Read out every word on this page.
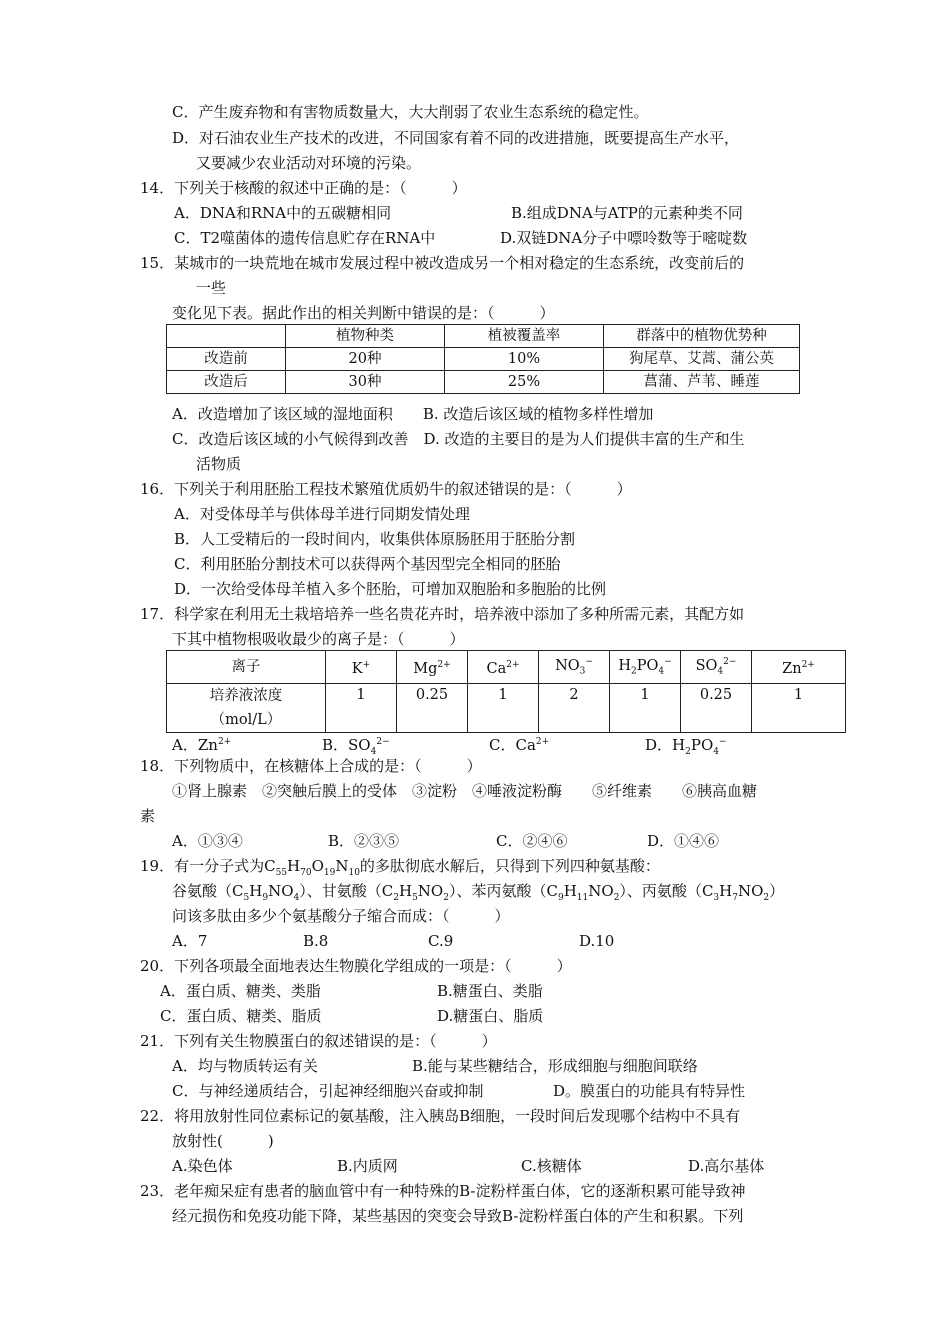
C．产生废弃物和有害物质数量大，大大削弱了农业生态系统的稳定性。
D．对石油农业生产技术的改进，不同国家有着不同的改进措施，既要提高生产水平，
又要减少农业活动对环境的污染。
14．下列关于核酸的叙述中正确的是：（　　　）
A．DNA和RNA中的五碳糖相同	B.组成DNA与ATP的元素种类不同
C．T2噬菌体的遗传信息贮存在RNA中	D.双链DNA分子中嘌呤数等于嘧啶数
15．某城市的一块荒地在城市发展过程中被改造成另一个相对稳定的生态系统，改变前后的
一些
变化见下表。据此作出的相关判断中错误的是：（　　　）
	植物种类	植被覆盖率	群落中的植物优势种
改造前	20种	10%	狗尾草、艾蒿、蒲公英
改造后	30种	25%	菖蒲、芦苇、睡莲
A．改造增加了该区域的湿地面积　　B. 改造后该区域的植物多样性增加
C．改造后该区域的小气候得到改善　D. 改造的主要目的是为人们提供丰富的生产和生
活物质
16．下列关于利用胚胎工程技术繁殖优质奶牛的叙述错误的是：（　　　）
A．对受体母羊与供体母羊进行同期发情处理
B．人工受精后的一段时间内，收集供体原肠胚用于胚胎分割
C．利用胚胎分割技术可以获得两个基因型完全相同的胚胎
D．一次给受体母羊植入多个胚胎，可增加双胞胎和多胞胎的比例
17．科学家在利用无土栽培培养一些名贵花卉时，培养液中添加了多种所需元素，其配方如
下其中植物根吸收最少的离子是：（　　　）
离子	K+	$Mg^{2+}$	$Ca^{2+}$	$NO_3^-$	$H_2PO_4^-$	$SO_4^{2-}$	$Zn^{2+}$
培养液浓度
（mol/L）	1	0.25	1	2	1	0.25	1
A．$Zn^{2+}$	B．$SO_4^{2-}$	C．$Ca^{2+}$	D．$H_2PO_4^-$
18．下列物质中，在核糖体上合成的是：（　　　）
①肾上腺素　②突触后膜上的受体　③淀粉　④唾液淀粉酶　　⑤纤维素　　⑥胰高血糖
素
A．①③④	B．②③⑤	C．②④⑥	D．①④⑥
19．有一分子式为$C_{55}H_{70}O_{19}N_{10}$的多肽彻底水解后，只得到下列四种氨基酸：
谷氨酸$(C_5H_9NO_4)$、甘氨酸$(C_2H_5NO_2)$、苯丙氨酸$(C_9H_{11}NO_2)$、丙氨酸$(C_3H_7NO_2)$
问该多肽由多少个氨基酸分子缩合而成：（　　　）
A．7	B.8	C.9	D.10
20．下列各项最全面地表达生物膜化学组成的一项是：（　　　）
A．蛋白质、糖类、类脂	B.糖蛋白、类脂
C．蛋白质、糖类、脂质	D.糖蛋白、脂质
21．下列有关生物膜蛋白的叙述错误的是：（　　　）
A．均与物质转运有关	B.能与某些糖结合，形成细胞与细胞间联络
C．与神经递质结合，引起神经细胞兴奋或抑制	D。膜蛋白的功能具有特异性
22．将用放射性同位素标记的氨基酸，注入胰岛B细胞，一段时间后发现哪个结构中不具有
放射性(　　　)
A.染色体	B.内质网	C.核糖体	D.高尔基体
23．老年痴呆症有患者的脑血管中有一种特殊的B-淀粉样蛋白体，它的逐渐积累可能导致神
经元损伤和免疫功能下降，某些基因的突变会导致B-淀粉样蛋白体的产生和积累。下列
